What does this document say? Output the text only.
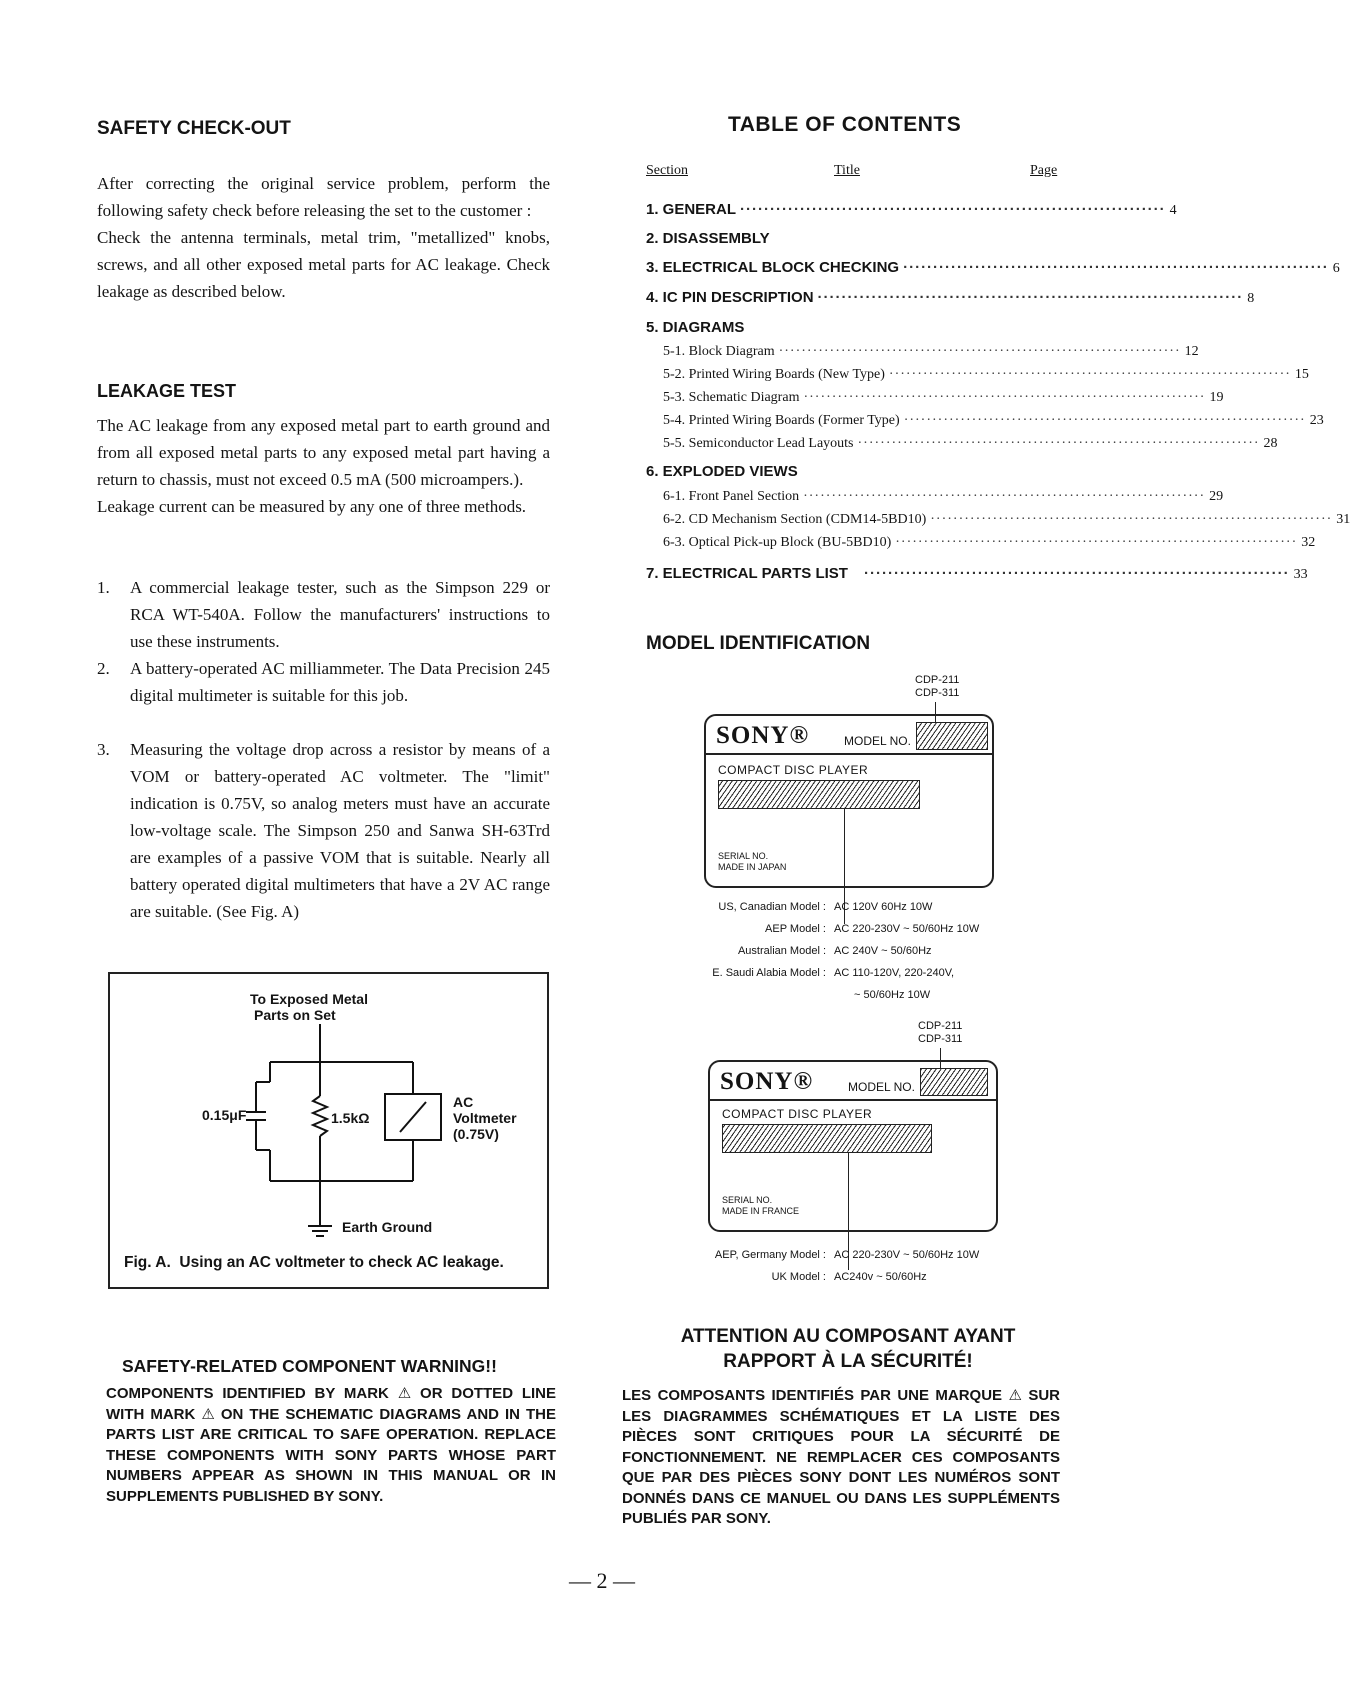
SAFETY CHECK-OUT
After correcting the original service problem, perform the following safety check before releasing the set to the customer :
Check the antenna terminals, metal trim, "metallized" knobs, screws, and all other exposed metal parts for AC leakage. Check leakage as described below.
LEAKAGE TEST
The AC leakage from any exposed metal part to earth ground and from all exposed metal parts to any exposed metal part having a return to chassis, must not exceed 0.5 mA (500 microampers.).
Leakage current can be measured by any one of three methods.
1. A commercial leakage tester, such as the Simpson 229 or RCA WT-540A. Follow the manufacturers' instructions to use these instruments.
2. A battery-operated AC milliammeter. The Data Precision 245 digital multimeter is suitable for this job.
3. Measuring the voltage drop across a resistor by means of a VOM or battery-operated AC voltmeter. The "limit" indication is 0.75V, so analog meters must have an accurate low-voltage scale. The Simpson 250 and Sanwa SH-63Trd are examples of a passive VOM that is suitable. Nearly all battery operated digital multimeters that have a 2V AC range are suitable. (See Fig. A)
To Exposed Metal
Parts on Set
0.15μF	1.5kΩ
AC
Voltmeter
(0.75V)
Earth Ground
Fig. A.  Using an AC voltmeter to check AC leakage.
SAFETY-RELATED COMPONENT WARNING!!
COMPONENTS IDENTIFIED BY MARK ⚠ OR DOTTED LINE WITH MARK ⚠ ON THE SCHEMATIC DIAGRAMS AND IN THE PARTS LIST ARE CRITICAL TO SAFE OPERATION. REPLACE THESE COMPONENTS WITH SONY PARTS WHOSE PART NUMBERS APPEAR AS SHOWN IN THIS MANUAL OR IN SUPPLEMENTS PUBLISHED BY SONY.
TABLE OF CONTENTS
Section	Title	Page
1. GENERAL ······································································· 4
2. DISASSEMBLY
3. ELECTRICAL BLOCK CHECKING ······································································· 6
4. IC PIN DESCRIPTION ······································································· 8
5. DIAGRAMS
5-1. Block Diagram ······································································· 12
5-2. Printed Wiring Boards (New Type) ······································································· 15
5-3. Schematic Diagram ······································································· 19
5-4. Printed Wiring Boards (Former Type) ······································································· 23
5-5. Semiconductor Lead Layouts ······································································· 28
6. EXPLODED VIEWS
6-1. Front Panel Section ······································································· 29
6-2. CD Mechanism Section (CDM14-5BD10) ······································································· 31
6-3. Optical Pick-up Block (BU-5BD10) ······································································· 32
7. ELECTRICAL PARTS LIST ······································································· 33
MODEL IDENTIFICATION
CDP-211
CDP-311
SONY®	MODEL NO.
COMPACT DISC PLAYER
SERIAL NO.
MADE IN JAPAN
US, Canadian Model : AC 120V 60Hz 10W
AEP Model : AC 220-230V ~ 50/60Hz 10W
Australian Model : AC 240V ~ 50/60Hz
E. Saudi Alabia Model : AC 110-120V, 220-240V,
~ 50/60Hz 10W
CDP-211
CDP-311
SONY®	MODEL NO.
COMPACT DISC PLAYER
SERIAL NO.
MADE IN FRANCE
AEP, Germany Model : AC 220-230V ~ 50/60Hz 10W
UK Model : AC240v ~ 50/60Hz
ATTENTION AU COMPOSANT AYANT
RAPPORT À LA SÉCURITÉ!
LES COMPOSANTS IDENTIFIÉS PAR UNE MARQUE ⚠ SUR LES DIAGRAMMES SCHÉMATIQUES ET LA LISTE DES PIÈCES SONT CRITIQUES POUR LA SÉCURITÉ DE FONCTIONNEMENT. NE REMPLACER CES COMPOSANTS QUE PAR DES PIÈCES SONY DONT LES NUMÉROS SONT DONNÉS DANS CE MANUEL OU DANS LES SUPPLÉMENTS PUBLIÉS PAR SONY.
— 2 —
